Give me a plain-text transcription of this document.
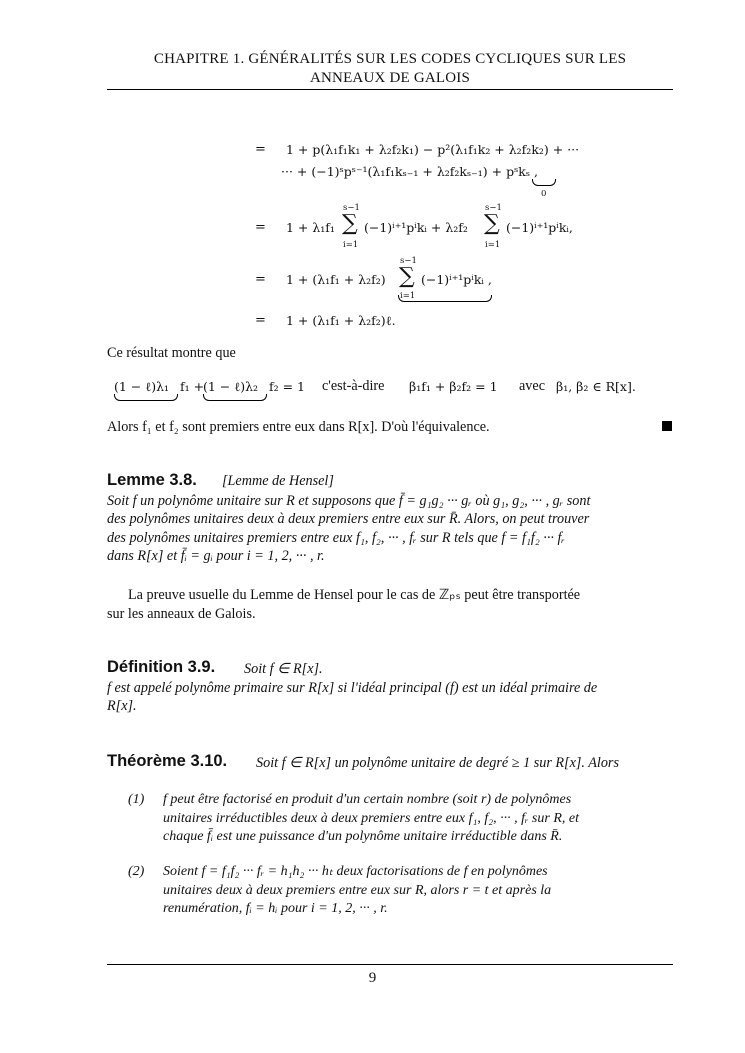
CHAPITRE 1. GÉNÉRALITÉS SUR LES CODES CYCLIQUES SUR LES
ANNEAUX DE GALOIS
= 1 + p(λ₁f₁k₁ + λ₂f₂k₁) − p²(λ₁f₁k₂ + λ₂f₂k₂) + ···
··· + (−1)ˢpˢ⁻¹(λ₁f₁kₛ₋₁ + λ₂f₂kₛ₋₁) + pˢkₛ ,
0
s−1
∑
i=1
= 1 + λ₁f₁ (−1)ⁱ⁺¹pⁱkᵢ + λ₂f₂
s−1
∑
i=1
(−1)ⁱ⁺¹pⁱkᵢ,
s−1
∑
i=1
= 1 + (λ₁f₁ + λ₂f₂)	(−1)ⁱ⁺¹pⁱkᵢ ,
= 1 + (λ₁f₁ + λ₂f₂)ℓ.
Ce résultat montre que
(1 − ℓ)λ₁ f₁ +
(1 − ℓ)λ₂ f₂ = 1 c'est-à-dire β₁f₁ + β₂f₂ = 1 avec β₁, β₂ ∈ R[x].
Alors f₁ et f₂ sont premiers entre eux dans R[x]. D'où l'équivalence.
Lemme 3.8. [Lemme de Hensel]
Soit f un polynôme unitaire sur R et supposons que f̄ = g₁g₂ ··· gᵣ où g₁, g₂, ··· , gᵣ sont
des polynômes unitaires deux à deux premiers entre eux sur R̄. Alors, on peut trouver
des polynômes unitaires premiers entre eux f₁, f₂, ··· , fᵣ sur R tels que f = f₁f₂ ··· fᵣ
dans R[x] et f̄ᵢ = gᵢ pour i = 1, 2, ··· , r.
La preuve usuelle du Lemme de Hensel pour le cas de ℤₚₛ peut être transportée
sur les anneaux de Galois.
Définition 3.9. Soit f ∈ R[x].
f est appelé polynôme primaire sur R[x] si l'idéal principal (f) est un idéal primaire de
R[x].
Théorème 3.10. Soit f ∈ R[x] un polynôme unitaire de degré ≥ 1 sur R[x]. Alors
(1) f peut être factorisé en produit d'un certain nombre (soit r) de polynômes
unitaires irréductibles deux à deux premiers entre eux f₁, f₂, ··· , fᵣ sur R, et
chaque f̄ᵢ est une puissance d'un polynôme unitaire irréductible dans R̄.
(2) Soient f = f₁f₂ ··· fᵣ = h₁h₂ ··· hₜ deux factorisations de f en polynômes
unitaires deux à deux premiers entre eux sur R, alors r = t et après la
renumération, fᵢ = hᵢ pour i = 1, 2, ··· , r.
9
